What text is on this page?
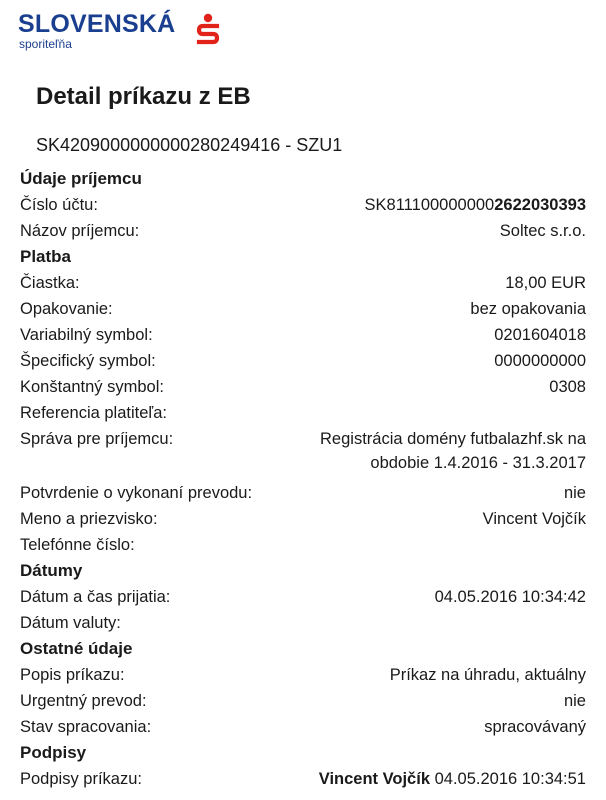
SLOVENSKÁ
sporiteľňa
Detail príkazu z EB
SK4209000000000280249416 - SZU1
Údaje príjemcu
Číslo účtu:	SK8111000000002622030393
Názov príjemcu:	Soltec s.r.o.
Platba
Čiastka:	18,00 EUR
Opakovanie:	bez opakovania
Variabilný symbol:	0201604018
Špecifický symbol:	0000000000
Konštantný symbol:	0308
Referencia platiteľa:
Správa pre príjemcu:	Registrácia domény futbalazhf.sk na obdobie 1.4.2016 - 31.3.2017
Potvrdenie o vykonaní prevodu:	nie
Meno a priezvisko:	Vincent Vojčík
Telefónne číslo:
Dátumy
Dátum a čas prijatia:	04.05.2016 10:34:42
Dátum valuty:
Ostatné údaje
Popis príkazu:	Príkaz na úhradu, aktuálny
Urgentný prevod:	nie
Stav spracovania:	spracovávaný
Podpisy
Podpisy príkazu:	Vincent Vojčík 04.05.2016 10:34:51
